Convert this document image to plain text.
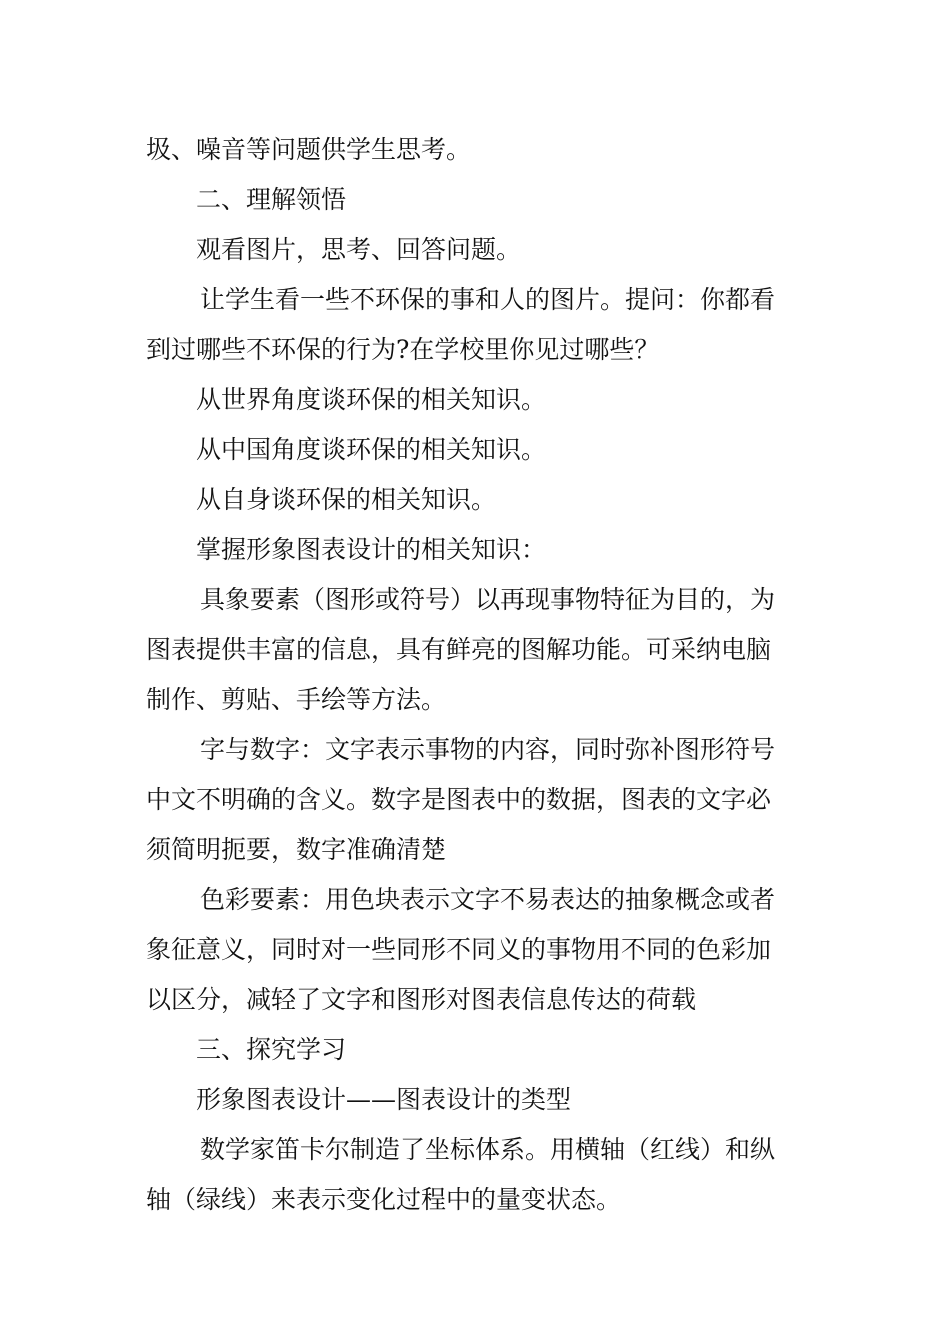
圾、噪音等问题供学生思考。
二、理解领悟
观看图片，思考、回答问题。
让学生看一些不环保的事和人的图片。提问：你都看
到过哪些不环保的行为?在学校里你见过哪些？
从世界角度谈环保的相关知识。
从中国角度谈环保的相关知识。
从自身谈环保的相关知识。
掌握形象图表设计的相关知识：
具象要素（图形或符号）以再现事物特征为目的，为
图表提供丰富的信息，具有鲜亮的图解功能。可采纳电脑
制作、剪贴、手绘等方法。
字与数字：文字表示事物的内容，同时弥补图形符号
中文不明确的含义。数字是图表中的数据，图表的文字必
须简明扼要，数字准确清楚
色彩要素：用色块表示文字不易表达的抽象概念或者
象征意义，同时对一些同形不同义的事物用不同的色彩加
以区分，减轻了文字和图形对图表信息传达的荷载
三、探究学习
形象图表设计——图表设计的类型
数学家笛卡尔制造了坐标体系。用横轴（红线）和纵
轴（绿线）来表示变化过程中的量变状态。
